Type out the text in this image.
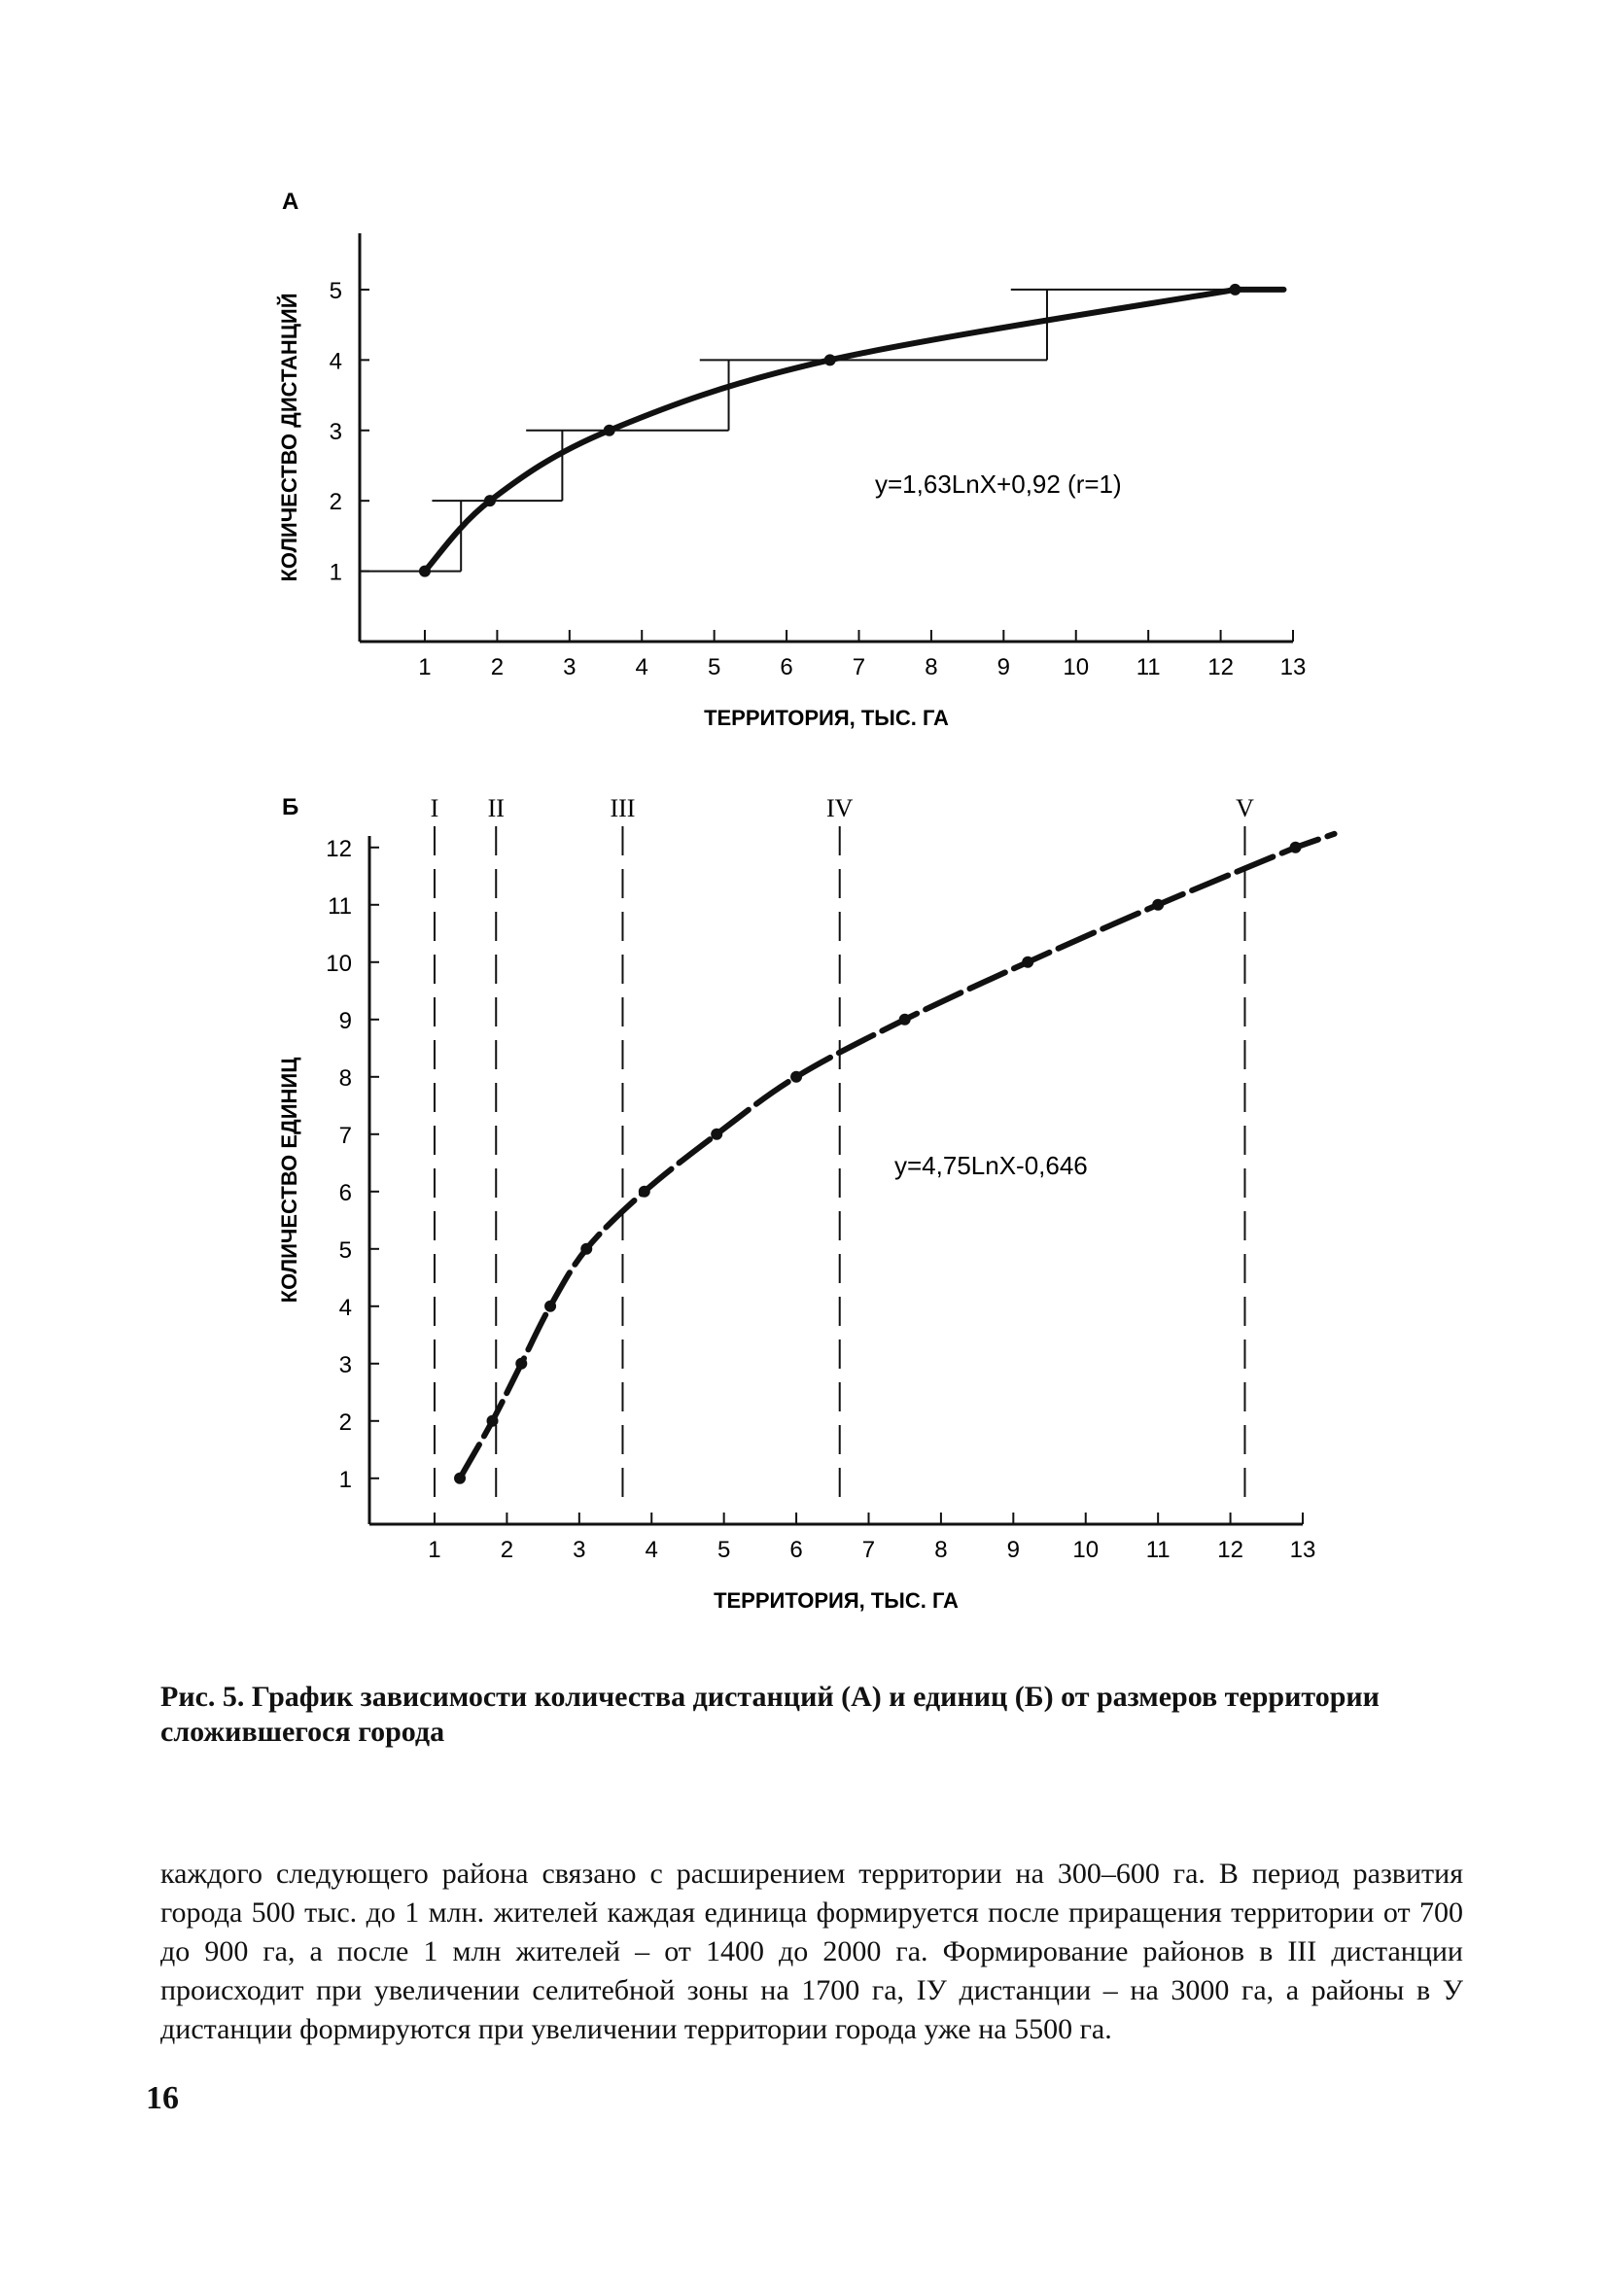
1	2	3	4	5	6	7	8	9 10 11 12 13
1
2
3
4
5
А
ТЕРРИТОРИЯ, ТЫС. ГА
КОЛИЧЕСТВО ДИСТАНЦИЙ	y=1,63LnX+0,92 (r=1)
1	2	3	4	5	6	7	8	9 10 11 12 13
1
2
3
4
5
6
7
8
9
10
11
12
Б
ТЕРРИТОРИЯ, ТЫС. ГА
КОЛИЧЕСТВО ЕДИНИЦ	y=4,75LnX-0,646
I II	III	IV	V
Рис. 5. График зависимости количества дистанций (А) и единиц (Б) от размеров территории сложившегося города
каждого следующего района связано с расширением территории на 300–600 га. В период развития города 500 тыс. до 1 млн. жителей каждая единица формируется после приращения территории от 700 до 900 га, а после 1 млн жителей – от 1400 до 2000 га. Формирование районов в III дистанции происходит при увеличении селитебной зоны на 1700 га, IУ дистанции – на 3000 га, а районы в У дистанции формируются при увеличении территории города уже на 5500 га.
16
